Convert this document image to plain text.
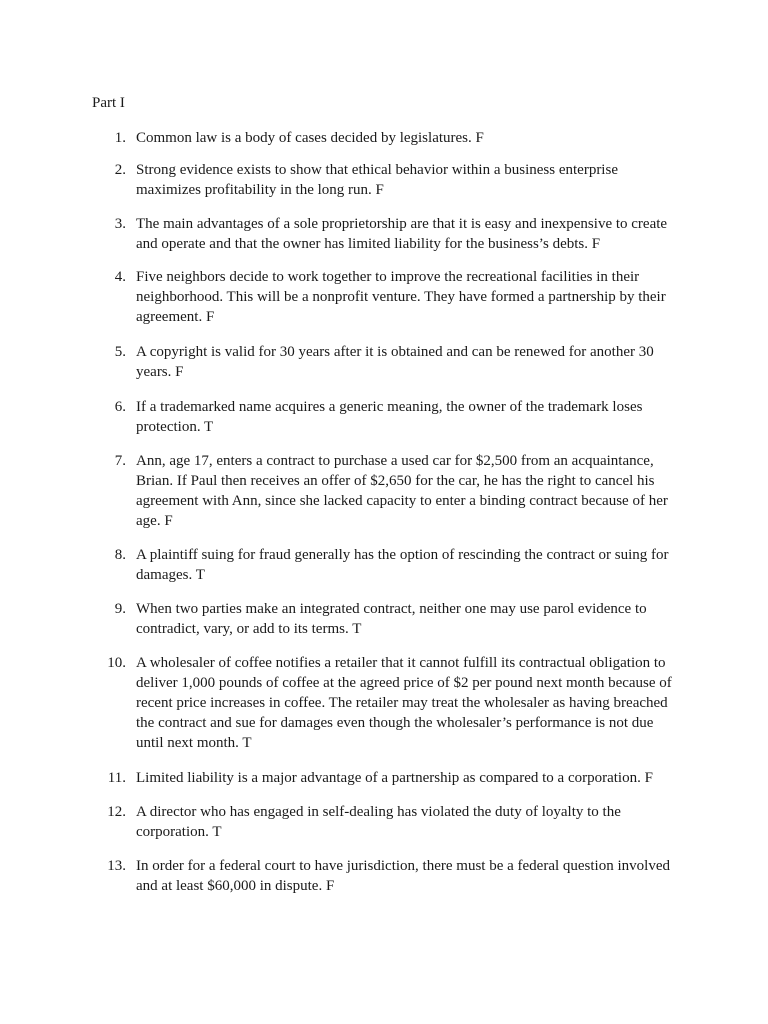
Part I
1. Common law is a body of cases decided by legislatures. F
2. Strong evidence exists to show that ethical behavior within a business enterprise
maximizes profitability in the long run. F
3. The main advantages of a sole proprietorship are that it is easy and inexpensive to create
and operate and that the owner has limited liability for the business’s debts. F
4. Five neighbors decide to work together to improve the recreational facilities in their
neighborhood. This will be a nonprofit venture. They have formed a partnership by their
agreement. F
5. A copyright is valid for 30 years after it is obtained and can be renewed for another 30
years. F
6. If a trademarked name acquires a generic meaning, the owner of the trademark loses
protection. T
7. Ann, age 17, enters a contract to purchase a used car for $2,500 from an acquaintance,
Brian. If Paul then receives an offer of $2,650 for the car, he has the right to cancel his
agreement with Ann, since she lacked capacity to enter a binding contract because of her
age. F
8. A plaintiff suing for fraud generally has the option of rescinding the contract or suing for
damages. T
9. When two parties make an integrated contract, neither one may use parol evidence to
contradict, vary, or add to its terms. T
10. A wholesaler of coffee notifies a retailer that it cannot fulfill its contractual obligation to
deliver 1,000 pounds of coffee at the agreed price of $2 per pound next month because of
recent price increases in coffee. The retailer may treat the wholesaler as having breached
the contract and sue for damages even though the wholesaler’s performance is not due
until next month. T
11. Limited liability is a major advantage of a partnership as compared to a corporation. F
12. A director who has engaged in self-dealing has violated the duty of loyalty to the
corporation. T
13. In order for a federal court to have jurisdiction, there must be a federal question involved
and at least $60,000 in dispute. F
